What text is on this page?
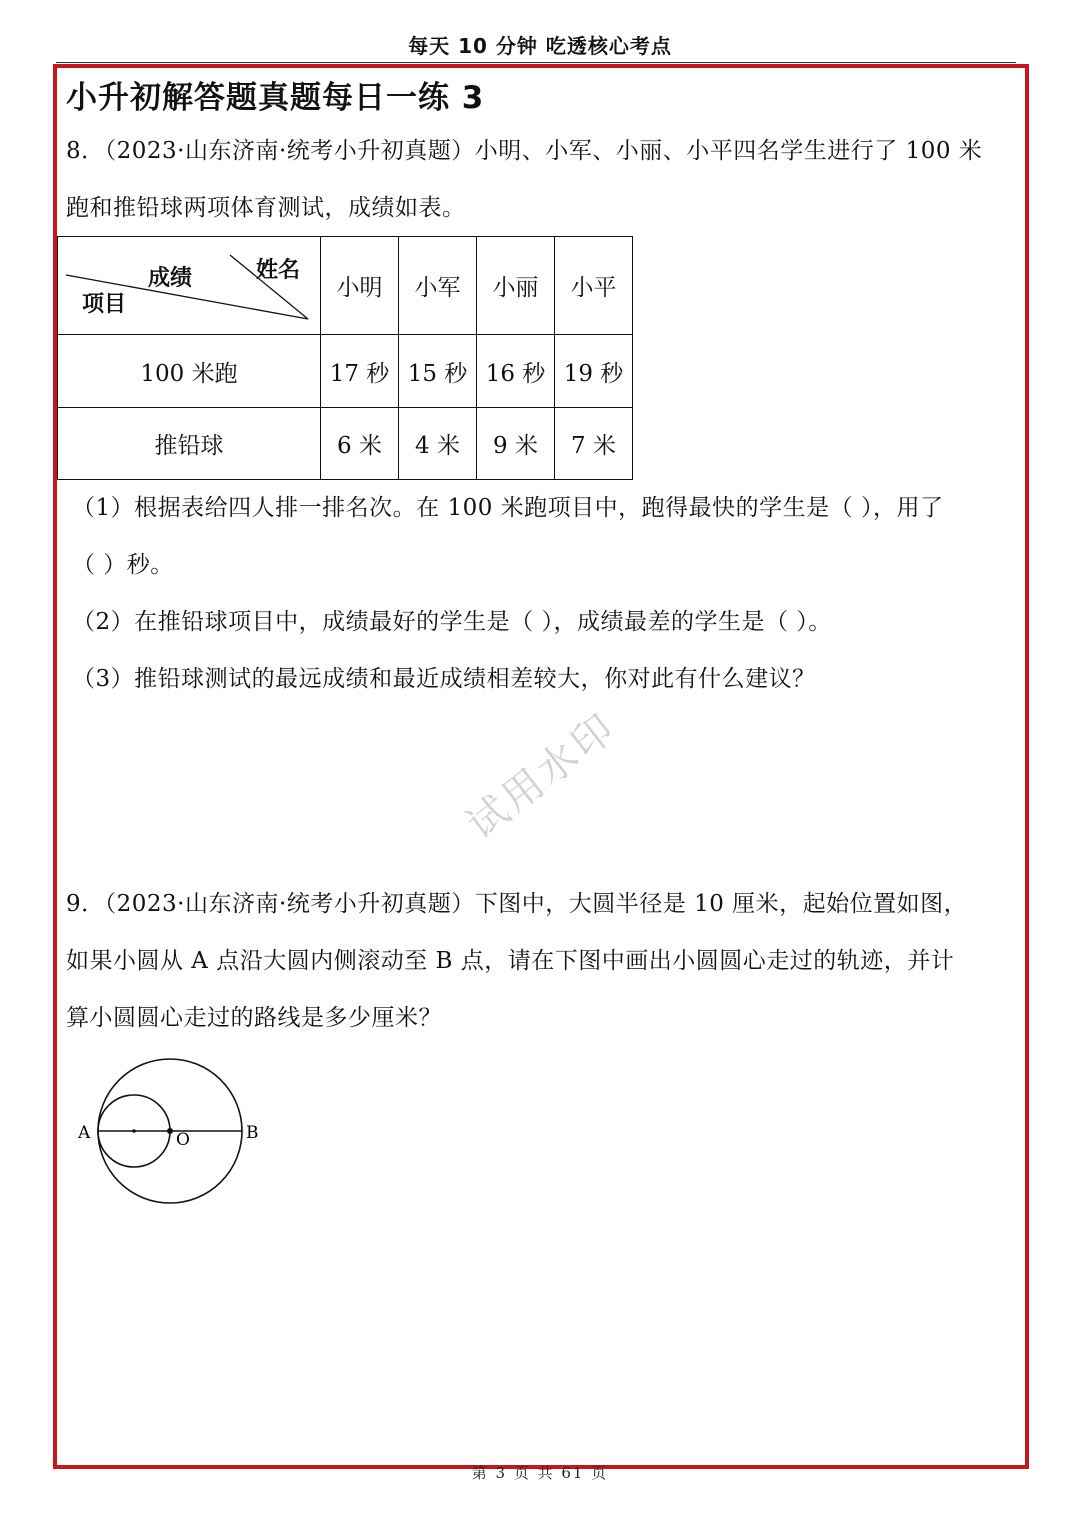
每天 10 分钟 吃透核心考点
小升初解答题真题每日一练 3
8．（2023·山东济南·统考小升初真题）小明、小军、小丽、小平四名学生进行了 100 米
跑和推铅球两项体育测试，成绩如表。
姓名
成绩
项目	小明	小军	小丽	小平
100 米跑	17 秒	15 秒	16 秒	19 秒
推铅球	6 米	4 米	9 米	7 米
（1）根据表给四人排一排名次。在 100 米跑项目中，跑得最快的学生是（ ），用了
（ ）秒。
（2）在推铅球项目中，成绩最好的学生是（ ），成绩最差的学生是（ ）。
（3）推铅球测试的最远成绩和最近成绩相差较大，你对此有什么建议？
试用水印
9．（2023·山东济南·统考小升初真题）下图中，大圆半径是 10 厘米，起始位置如图，
如果小圆从 A 点沿大圆内侧滚动至 B 点，请在下图中画出小圆圆心走过的轨迹，并计
算小圆圆心走过的路线是多少厘米？
A	O	B
第 3 页 共 61 页
